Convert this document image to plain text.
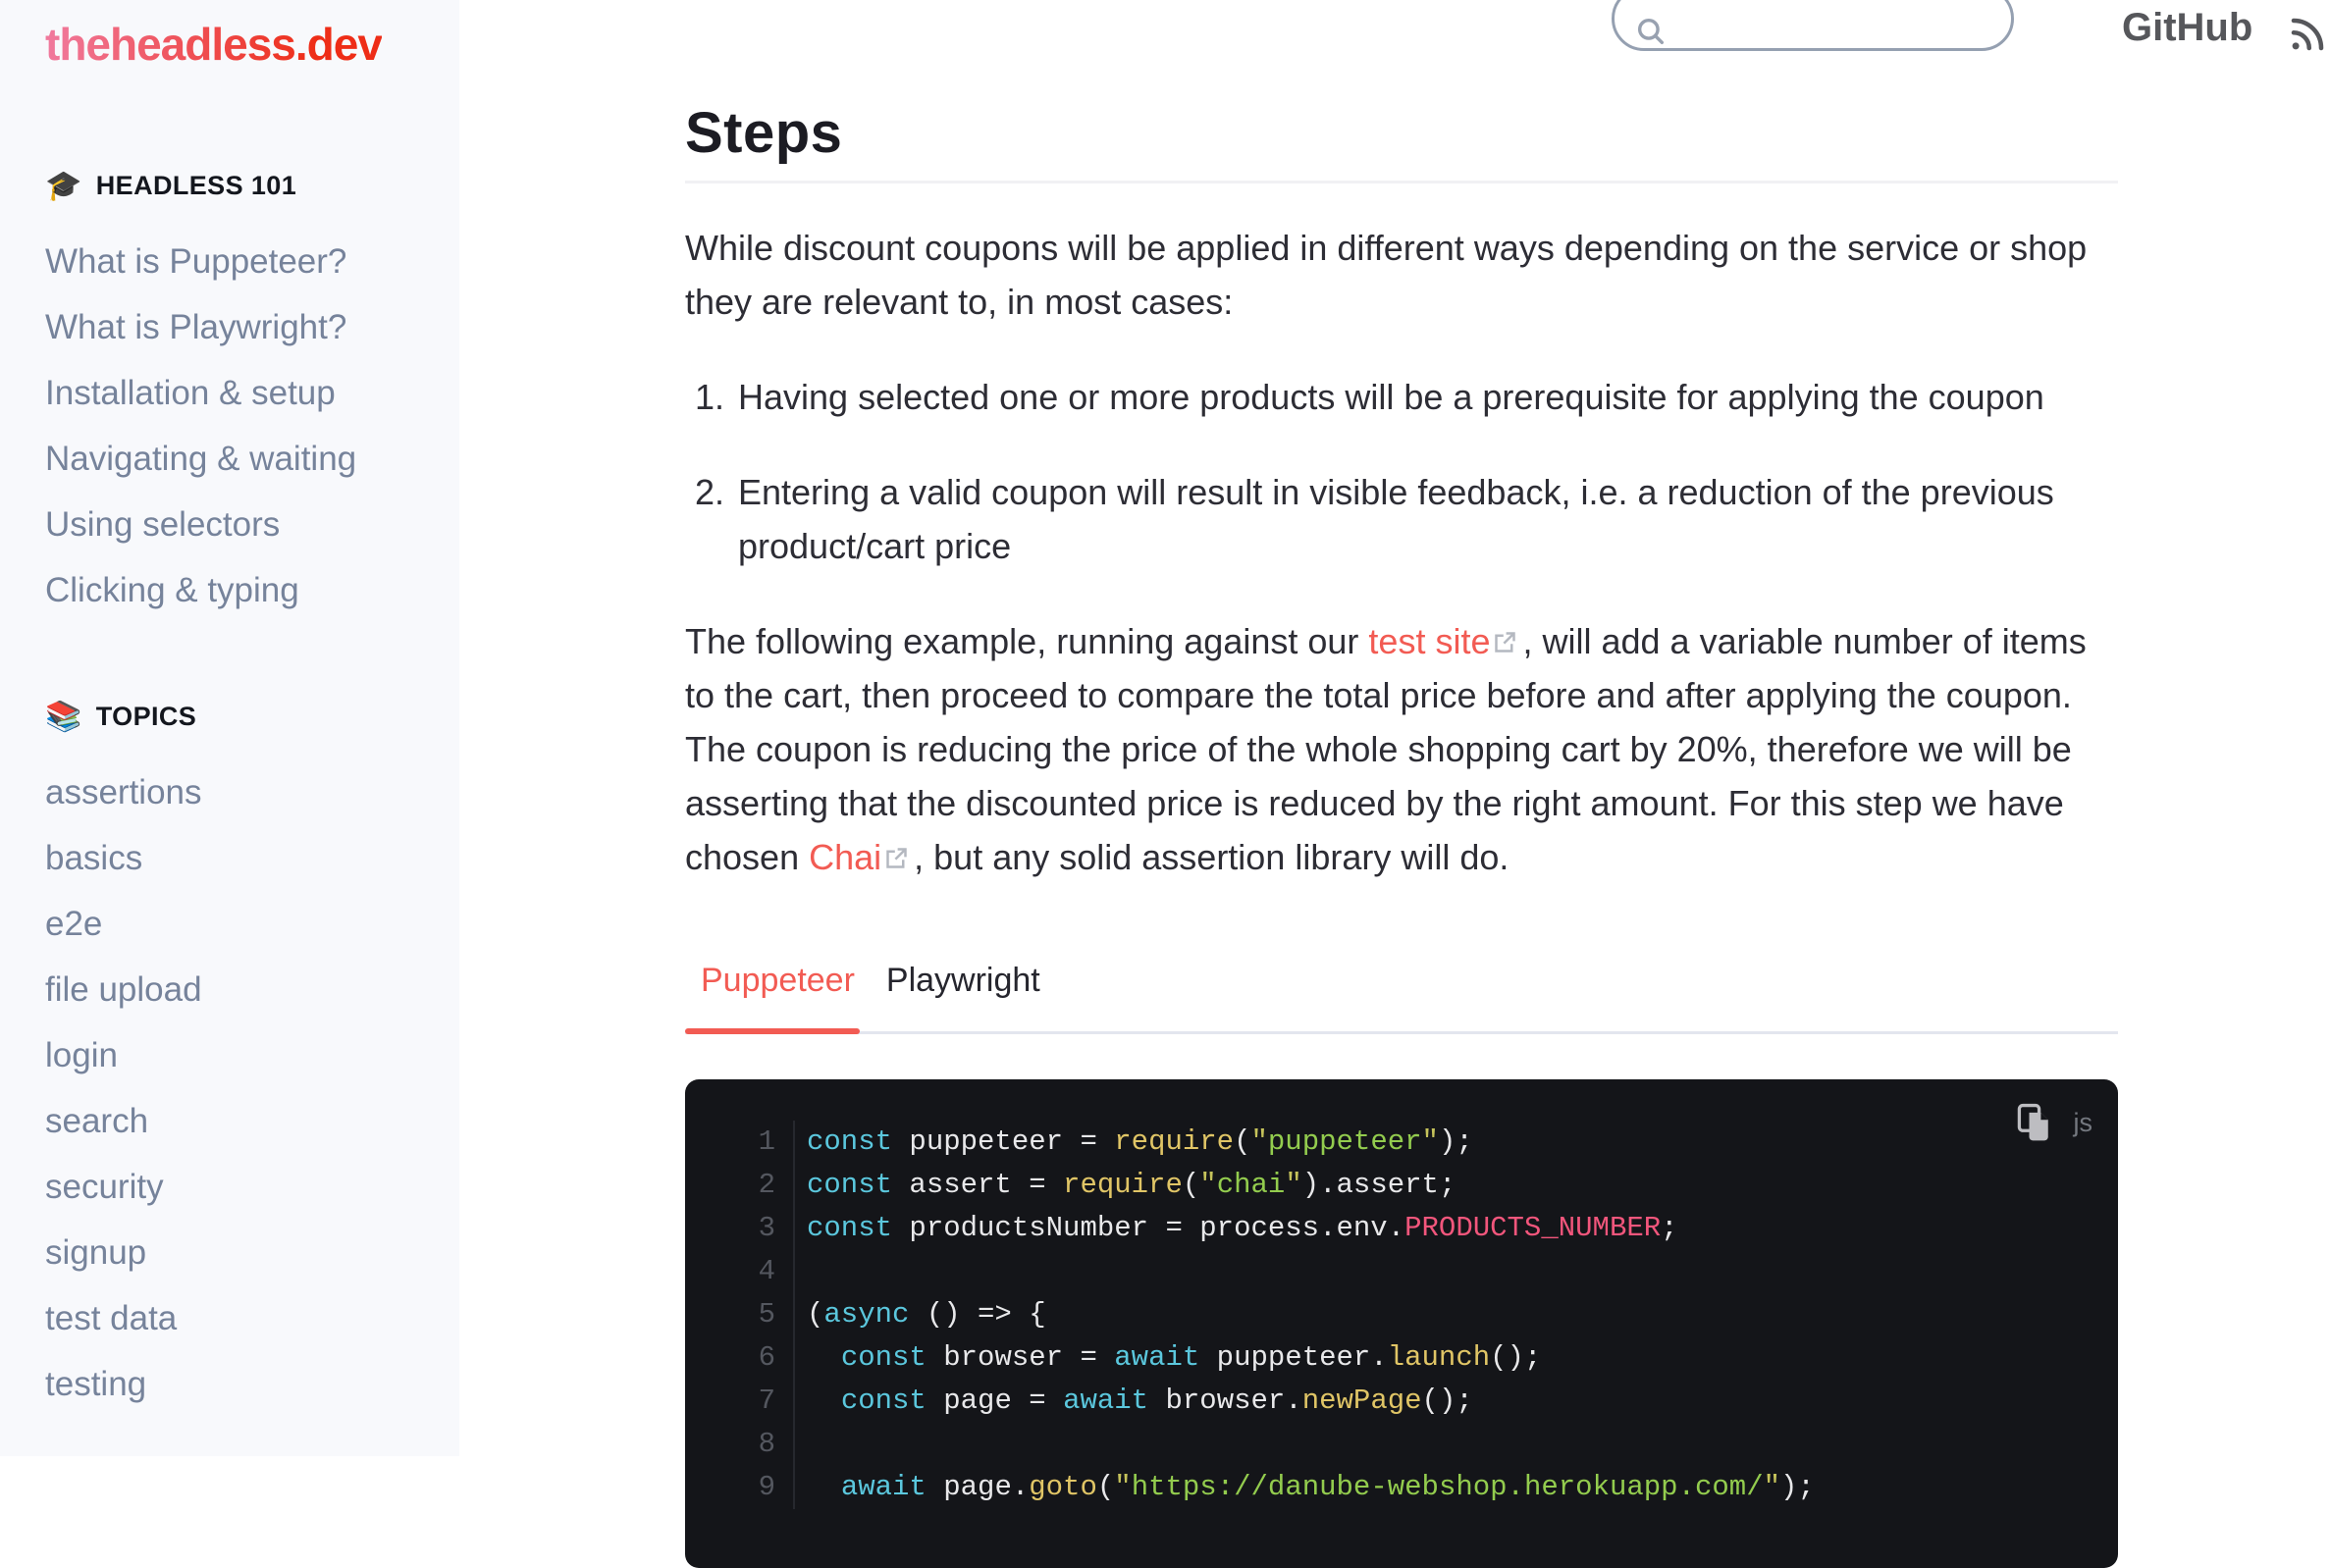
theheadless.dev
🎓 HEADLESS 101
What is Puppeteer?
What is Playwright?
Installation & setup
Navigating & waiting
Using selectors
Clicking & typing
📚 TOPICS
assertions
basics
e2e
file upload
login
search
security
signup
test data
testing
GitHub
Steps

While discount coupons will be applied in different ways depending on the service or shop they are relevant to, in most cases:

1. Having selected one or more products will be a prerequisite for applying the coupon
2. Entering a valid coupon will result in visible feedback, i.e. a reduction of the previous product/cart price

The following example, running against our test site , will add a variable number of items to the cart, then proceed to compare the total price before and after applying the coupon. The coupon is reducing the price of the whole shopping cart by 20%, therefore we will be asserting that the discounted price is reduced by the right amount. For this step we have chosen Chai , but any solid assertion library will do.

Puppeteer Playwright
js
1	const puppeteer = require("puppeteer");
2	const assert = require("chai").assert;
3	const productsNumber = process.env.PRODUCTS_NUMBER;
4

5	(async () => {
6	const browser = await puppeteer.launch();
7	const page = await browser.newPage();
8

9	await page.goto("https://danube-webshop.herokuapp.com/");
